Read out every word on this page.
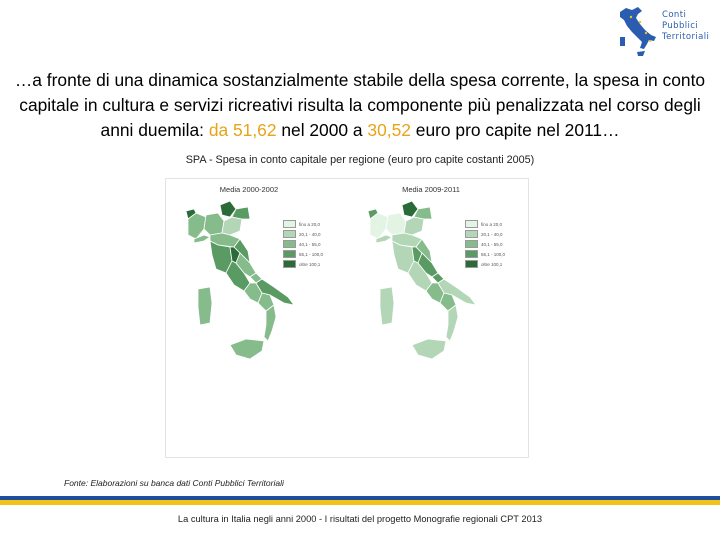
Conti
Pubblici
Territoriali
…a fronte di una dinamica sostanzialmente stabile della spesa corrente, la spesa in conto capitale in cultura e servizi ricreativi risulta la componente più penalizzata nel corso degli anni duemila: da 51,62 nel 2000 a 30,52 euro pro capite nel 2011…
SPA - Spesa in conto capitale per regione (euro pro capite costanti 2005)
Media 2000-2002
fino a 20,0
20,1 - 40,0
40,1 - 55,0
55,1 - 100,0
oltre 100,1
Media 2009-2011
fino a 20,0
20,1 - 40,0
40,1 - 55,0
55,1 - 100,0
oltre 100,1
Fonte: Elaborazioni su banca dati Conti Pubblici Territoriali
La cultura in Italia negli anni 2000 - I risultati del progetto Monografie regionali CPT 2013
